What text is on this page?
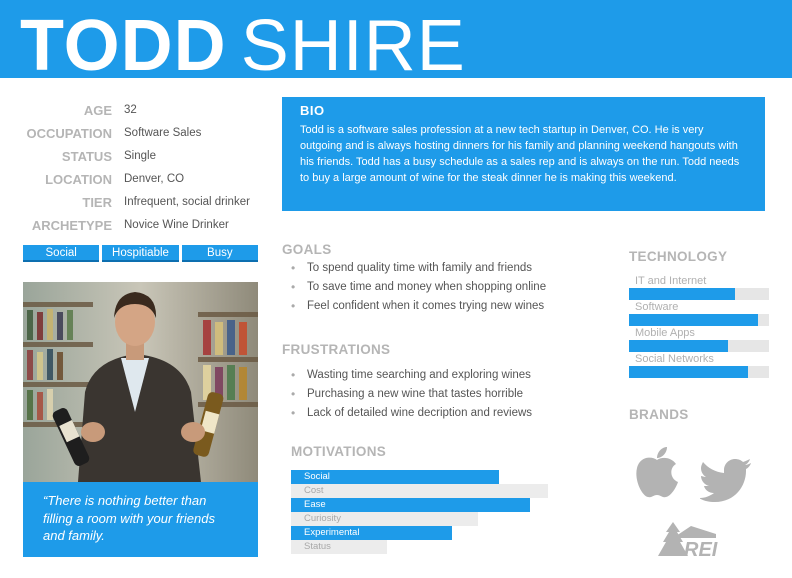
TODD SHIRE
AGE 32
OCCUPATION Software Sales
STATUS Single
LOCATION Denver, CO
TIER Infrequent, social drinker
ARCHETYPE Novice Wine Drinker
Social	Hospitiable	Busy
“There is nothing better than filling a room with your friends and family.
BIO
Todd is a software sales profession at a new tech startup in Denver, CO. He is very outgoing and is always hosting dinners for his family and planning weekend hangouts with his friends. Todd has a busy schedule as a sales rep and is always on the run. Todd needs to buy a large amount of wine for the steak dinner he is making this weekend.
GOALS
• To spend quality time with family and friends
• To save time and money when shopping online
• Feel confident when it comes trying new wines
FRUSTRATIONS
• Wasting time searching and exploring wines
• Purchasing a new wine that tastes horrible
• Lack of detailed wine decription and reviews
MOTIVATIONS
Social
Cost
Ease
Curiosity
Experimental
Status
TECHNOLOGY
IT and Internet
Software
Mobile Apps
Social Networks
BRANDS
REI
